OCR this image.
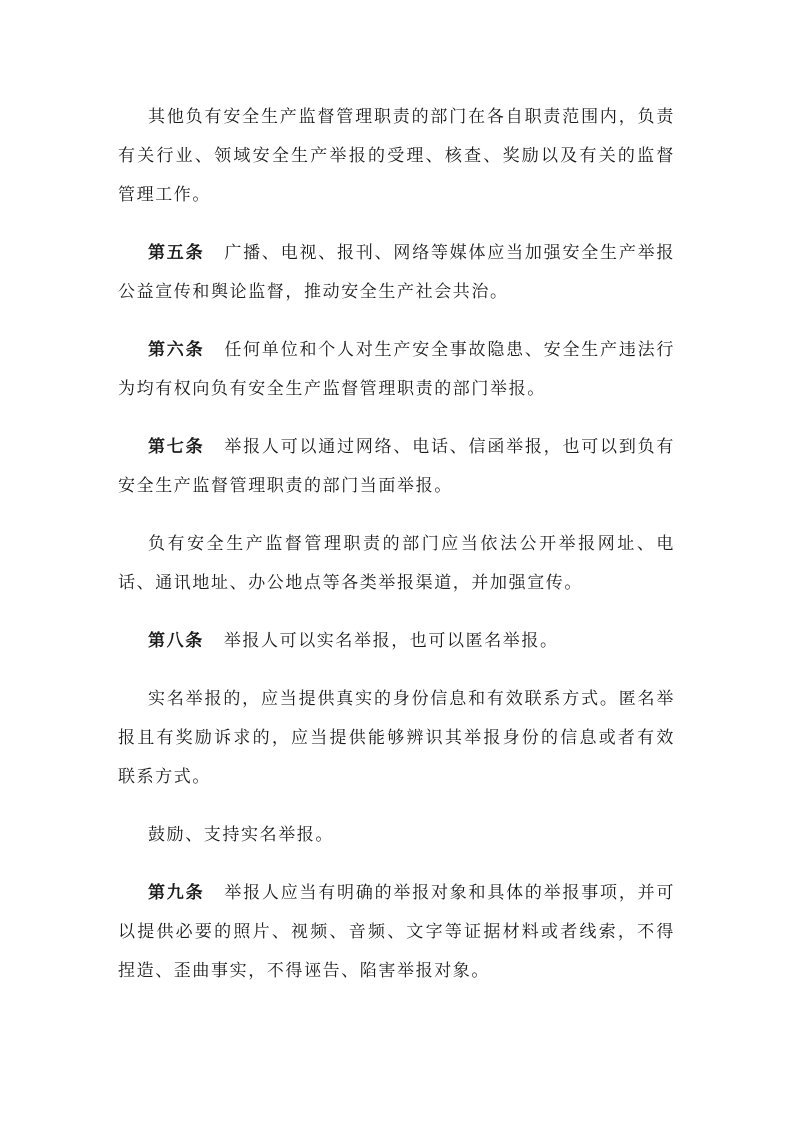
其他负有安全生产监督管理职责的部门在各自职责范围内，负责有关行业、领域安全生产举报的受理、核查、奖励以及有关的监督管理工作。

第五条 广播、电视、报刊、网络等媒体应当加强安全生产举报公益宣传和舆论监督，推动安全生产社会共治。

第六条 任何单位和个人对生产安全事故隐患、安全生产违法行为均有权向负有安全生产监督管理职责的部门举报。

第七条 举报人可以通过网络、电话、信函举报，也可以到负有安全生产监督管理职责的部门当面举报。

负有安全生产监督管理职责的部门应当依法公开举报网址、电话、通讯地址、办公地点等各类举报渠道，并加强宣传。

第八条 举报人可以实名举报，也可以匿名举报。

实名举报的，应当提供真实的身份信息和有效联系方式。匿名举报且有奖励诉求的，应当提供能够辨识其举报身份的信息或者有效联系方式。

鼓励、支持实名举报。

第九条 举报人应当有明确的举报对象和具体的举报事项，并可以提供必要的照片、视频、音频、文字等证据材料或者线索，不得捏造、歪曲事实，不得诬告、陷害举报对象。
